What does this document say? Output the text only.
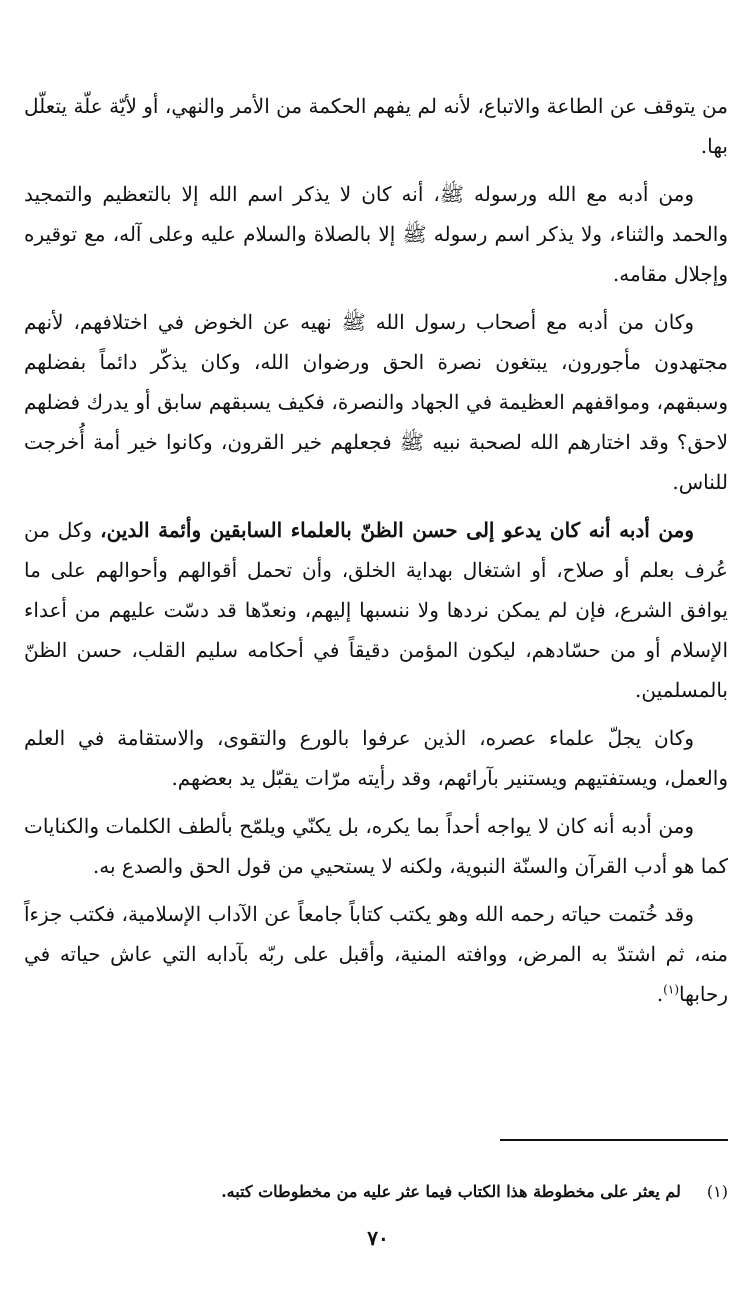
من يتوقف عن الطاعة والاتباع، لأنه لم يفهم الحكمة من الأمر والنهي، أو لأيّة علّة يتعلّل بها.

ومن أدبه مع الله ورسوله ﷺ، أنه كان لا يذكر اسم الله إلا بالتعظيم والتمجيد والحمد والثناء، ولا يذكر اسم رسوله ﷺ إلا بالصلاة والسلام عليه وعلى آله، مع توقيره وإجلال مقامه.

وكان من أدبه مع أصحاب رسول الله ﷺ نهيه عن الخوض في اختلافهم، لأنهم مجتهدون مأجورون، يبتغون نصرة الحق ورضوان الله، وكان يذكّر دائماً بفضلهم وسبقهم، ومواقفهم العظيمة في الجهاد والنصرة، فكيف يسبقهم سابق أو يدرك فضلهم لاحق؟ وقد اختارهم الله لصحبة نبيه ﷺ فجعلهم خير القرون، وكانوا خير أمة أُخرجت للناس.

ومن أدبه أنه كان يدعو إلى حسن الظنّ بالعلماء السابقين وأئمة الدين، وكل من عُرف بعلم أو صلاح، أو اشتغال بهداية الخلق، وأن تحمل أقوالهم وأحوالهم على ما يوافق الشرع، فإن لم يمكن نردها ولا ننسبها إليهم، ونعدّها قد دسّت عليهم من أعداء الإسلام أو من حسّادهم، ليكون المؤمن دقيقاً في أحكامه سليم القلب، حسن الظنّ بالمسلمين.

وكان يجلّ علماء عصره، الذين عرفوا بالورع والتقوى، والاستقامة في العلم والعمل، ويستفتيهم ويستنير بآرائهم، وقد رأيته مرّات يقبّل يد بعضهم.

ومن أدبه أنه كان لا يواجه أحداً بما يكره، بل يكنّي ويلمّح بألطف الكلمات والكنايات كما هو أدب القرآن والسنّة النبوية، ولكنه لا يستحيي من قول الحق والصدع به.

وقد خُتمت حياته رحمه الله وهو يكتب كتاباً جامعاً عن الآداب الإسلامية، فكتب جزءاً منه، ثم اشتدّ به المرض، ووافته المنية، وأقبل على ربّه بآدابه التي عاش حياته في رحابها$^{(١)}$.

(١)لم يعثر على مخطوطة هذا الكتاب فيما عثر عليه من مخطوطات كتبه.
٧٠
